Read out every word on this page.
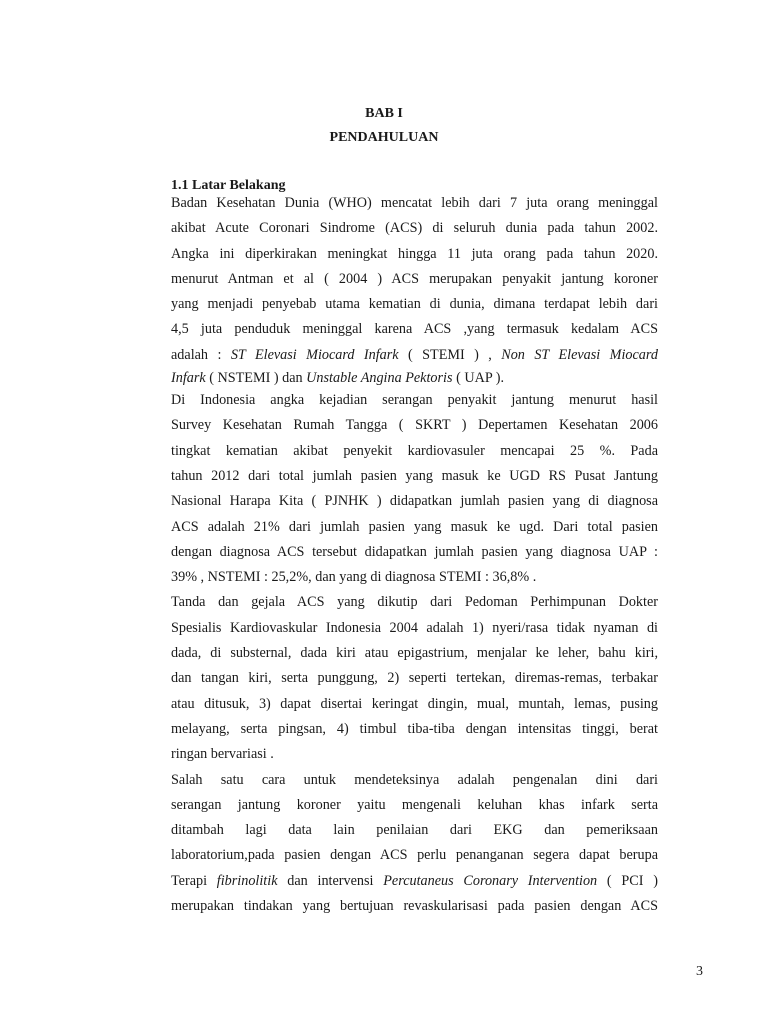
BAB I
PENDAHULUAN
1.1 Latar Belakang
Badan Kesehatan Dunia (WHO) mencatat lebih dari 7 juta orang meninggal
akibat Acute Coronari Sindrome (ACS) di seluruh dunia pada tahun 2002.
Angka ini diperkirakan meningkat hingga 11 juta orang pada tahun 2020.
menurut Antman et al ( 2004 ) ACS merupakan penyakit jantung koroner
yang menjadi penyebab utama kematian di dunia, dimana terdapat lebih dari
4,5 juta penduduk meninggal karena ACS ,yang termasuk kedalam ACS
adalah : ST Elevasi Miocard Infark ( STEMI ) , Non ST Elevasi Miocard
Infark ( NSTEMI ) dan Unstable Angina Pektoris ( UAP ).
Di Indonesia angka kejadian serangan penyakit jantung menurut hasil
Survey Kesehatan Rumah Tangga ( SKRT ) Depertamen Kesehatan 2006
tingkat kematian akibat penyekit kardiovasuler mencapai 25 %. Pada
tahun 2012 dari total jumlah pasien yang masuk ke UGD RS Pusat Jantung
Nasional Harapa Kita ( PJNHK ) didapatkan jumlah pasien yang di diagnosa
ACS adalah 21% dari jumlah pasien yang masuk ke ugd. Dari total pasien
dengan diagnosa ACS tersebut didapatkan jumlah pasien yang diagnosa UAP :
39% , NSTEMI : 25,2%, dan yang di diagnosa STEMI : 36,8% .
Tanda dan gejala ACS yang dikutip dari Pedoman Perhimpunan Dokter
Spesialis Kardiovaskular Indonesia 2004 adalah 1) nyeri/rasa tidak nyaman di
dada, di substernal, dada kiri atau epigastrium, menjalar ke leher, bahu kiri,
dan tangan kiri, serta punggung, 2) seperti tertekan, diremas-remas, terbakar
atau ditusuk, 3) dapat disertai keringat dingin, mual, muntah, lemas, pusing
melayang, serta pingsan, 4) timbul tiba-tiba dengan intensitas tinggi, berat
ringan bervariasi .
Salah satu cara untuk mendeteksinya adalah pengenalan dini dari
serangan jantung koroner yaitu mengenali keluhan khas infark serta
ditambah lagi data lain penilaian dari EKG dan pemeriksaan
laboratorium,pada pasien dengan ACS perlu penanganan segera dapat berupa
Terapi fibrinolitik dan intervensi Percutaneus Coronary Intervention ( PCI )
merupakan tindakan yang bertujuan revaskularisasi pada pasien dengan ACS
3
